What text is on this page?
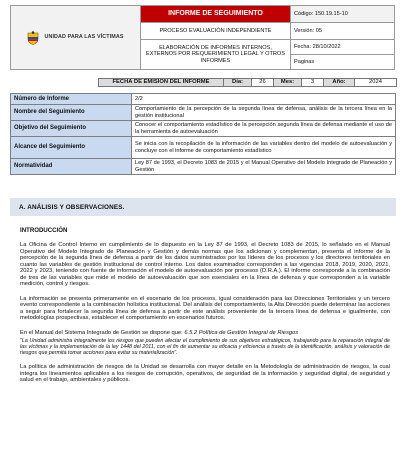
UNIDAD PARA LAS VÍCTIMAS	INFORME DE SEGUIMIENTO	Código: 150.19.15-10
	PROCESO EVALUACIÓN INDEPENDIENTE	Versión: 05
	ELABORACIÓN DE INFORMES INTERNOS, EXTERNOS POR REQUERIMIENTO LEGAL Y OTROS INFORMES	Fecha: 28/10/2022
		Paginas
FECHA DE EMISION DEL INFORME	Día:	26	Mes:	3	Año:	2024
Número de Informe	2/2
Nombre del Seguimiento	Comportamiento de la percepción de la segunda línea de defensa, análisis de la tercera línea en la gestión institucional
Objetivo del Seguimiento	Conocer el comportamiento estadístico de la percepción segunda línea de defensa mediante el uso de la herramienta de autoevaluación
Alcance del Seguimiento	Se inicia con la recopilación de la información de las variables dentro del modelo de autoevaluación y concluye con el informe de comportamiento estadístico
Normatividad	Ley 87 de 1993, el Decreto 1083 de 2015 y el Manual Operativo del Modelo Integrado de Planeación y Gestión
A. ANÁLISIS Y OBSERVACIONES.
INTRODUCCIÓN

La Oficina de Control Interno en cumplimiento de lo dispuesto en la Ley 87 de 1993, el Decreto 1083 de 2015, lo señalado en el Manual Operativo del Modelo Integrado de Planeación y Gestión y demás normas que los adicionan y complementan, presenta el informe de la percepción de la segunda línea de defensa a partir de los datos suministrados por los líderes de los procesos y los directores territoriales en cuanto las variables de gestión institucional de control interno. Los datos examinados corresponden a las vigencias 2018, 2019, 2020, 2021, 2022 y 2023, teniendo con fuente de información el modelo de autoevaluación por procesos (D.R.A.). El informe corresponde a la combinación de tres de las variables que mide el modelo de autoevaluación que son esenciales en la línea de defensa y que corresponden a la variable medición, control y riesgos.

La información se presenta primeramente en el escenario de los procesos, igual consideración para las Direcciones Territoriales y un tercero evento correspondiente a la combinación holística institucional. Del análisis del comportamiento, la Alta Dirección puede determinar las acciones a seguir para fortalecer la segunda línea de defensa a partir de este análisis proveniente de la tercera línea de defensa e igualmente, con metodologías prospectivas, establecer el comportamiento en escenarios futuros.

En el Manual del Sistema Integrado de Gestión se dispone que: 6.5.2 Política de Gestión Integral de Riesgos

"La Unidad administra integralmente los riesgos que pueden afectar el cumplimiento de sus objetivos estratégicos, trabajando para la reparación integral de las víctimas y la implementación de la ley 1448 del 2011, con el fin de aumentar su eficacia y eficiencia a través de la identificación, análisis y valoración de riesgos que permita tomar acciones para evitar su materialización".

La política de administración de riesgos de la Unidad se desarrolla con mayor detalle en la Metodología de administración de riesgos, la cual integra los lineamientos aplicables a los riesgos de corrupción, operativos, de seguridad de la información y seguridad digital, de seguridad y salud en el trabajo, ambientales y públicos.
